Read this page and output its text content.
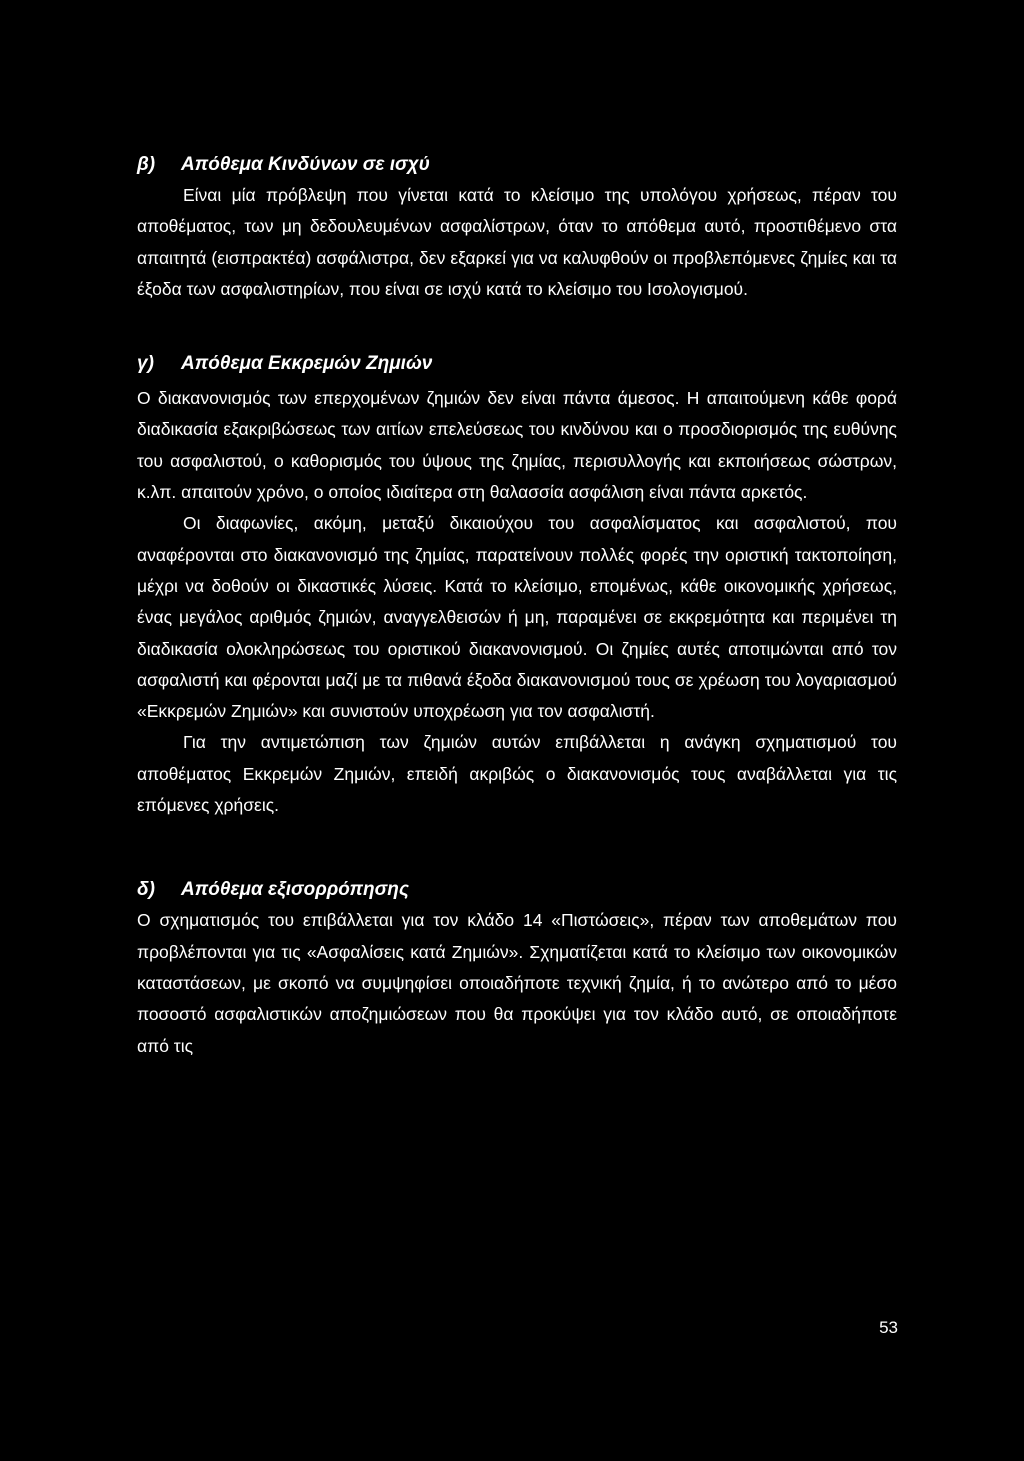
β)	Απόθεμα Κινδύνων σε ισχύ

Είναι μία πρόβλεψη που γίνεται κατά το κλείσιμο της υπολόγου χρήσεως, πέραν του αποθέματος, των μη δεδουλευμένων ασφαλίστρων, όταν το απόθεμα αυτό, προστιθέμενο στα απαιτητά (εισπρακτέα) ασφάλιστρα, δεν εξαρκεί για να καλυφθούν οι προβλεπόμενες ζημίες και τα έξοδα των ασφαλιστηρίων, που είναι σε ισχύ κατά το κλείσιμο του Ισολογισμού.

γ)	Απόθεμα Εκκρεμών Ζημιών

Ο διακανονισμός των επερχομένων ζημιών δεν είναι πάντα άμεσος. Η απαιτούμενη κάθε φορά διαδικασία εξακριβώσεως των αιτίων επελεύσεως του κινδύνου και ο προσδιορισμός της ευθύνης του ασφαλιστού, ο καθορισμός του ύψους της ζημίας, περισυλλογής και εκποιήσεως σώστρων, κ.λπ. απαιτούν χρόνο, ο οποίος ιδιαίτερα στη θαλασσία ασφάλιση είναι πάντα αρκετός.

Οι διαφωνίες, ακόμη, μεταξύ δικαιούχου του ασφαλίσματος και ασφαλιστού, που αναφέρονται στο διακανονισμό της ζημίας, παρατείνουν πολλές φορές την οριστική τακτοποίηση, μέχρι να δοθούν οι δικαστικές λύσεις. Κατά το κλείσιμο, επομένως, κάθε οικονομικής χρήσεως, ένας μεγάλος αριθμός ζημιών, αναγγελθεισών ή μη, παραμένει σε εκκρεμότητα και περιμένει τη διαδικασία ολοκληρώσεως του οριστικού διακανονισμού. Οι ζημίες αυτές αποτιμώνται από τον ασφαλιστή και φέρονται μαζί με τα πιθανά έξοδα διακανονισμού τους σε χρέωση του λογαριασμού «Εκκρεμών Ζημιών» και συνιστούν υποχρέωση για τον ασφαλιστή.

Για την αντιμετώπιση των ζημιών αυτών επιβάλλεται η ανάγκη σχηματισμού του αποθέματος Εκκρεμών Ζημιών, επειδή ακριβώς ο διακανονισμός τους αναβάλλεται για τις επόμενες χρήσεις.

δ)	Απόθεμα εξισορρόπησης

Ο σχηματισμός του επιβάλλεται για τον κλάδο 14 «Πιστώσεις», πέραν των αποθεμάτων που προβλέπονται για τις «Ασφαλίσεις κατά Ζημιών». Σχηματίζεται κατά το κλείσιμο των οικονομικών καταστάσεων, με σκοπό να συμψηφίσει οποιαδήποτε τεχνική ζημία, ή το ανώτερο από το μέσο ποσοστό ασφαλιστικών αποζημιώσεων που θα προκύψει για τον κλάδο αυτό, σε οποιαδήποτε από τις

53
